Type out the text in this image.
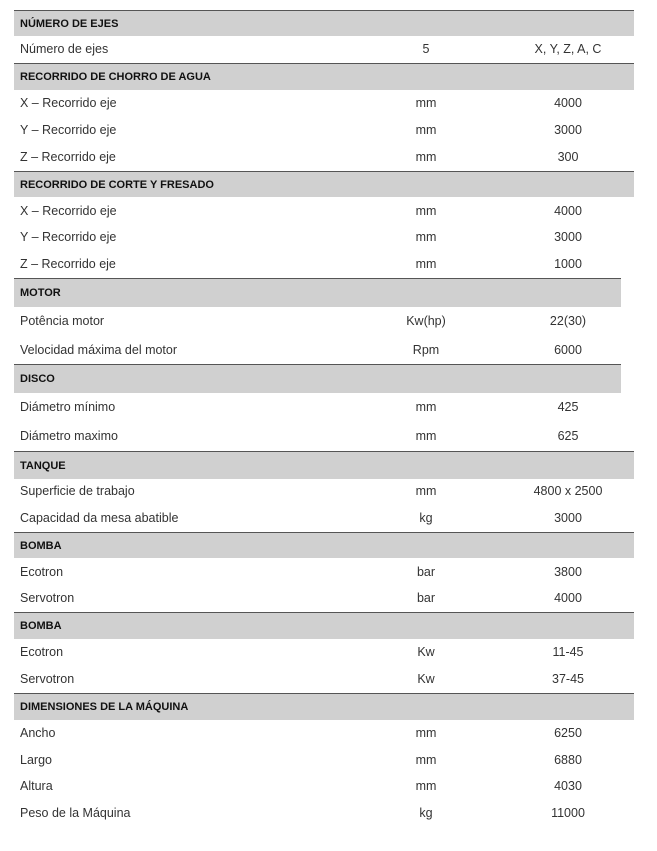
NÚMERO DE EJES
Número de ejes	5	X, Y, Z, A, C
RECORRIDO DE CHORRO DE AGUA
X – Recorrido eje	mm	4000
Y – Recorrido eje	mm	3000
Z – Recorrido eje	mm	300
RECORRIDO DE CORTE Y FRESADO
X – Recorrido eje	mm	4000
Y – Recorrido eje	mm	3000
Z – Recorrido eje	mm	1000
MOTOR
Potência motor	Kw(hp)	22(30)
Velocidad máxima del motor	Rpm	6000
DISCO
Diámetro mínimo	mm	425
Diámetro maximo	mm	625
TANQUE
Superficie de trabajo	mm	4800 x 2500
Capacidad da mesa abatible	kg	3000
BOMBA
Ecotron	bar	3800
Servotron	bar	4000
BOMBA
Ecotron	Kw	11-45
Servotron	Kw	37-45
DIMENSIONES DE LA MÁQUINA
Ancho	mm	6250
Largo	mm	6880
Altura	mm	4030
Peso de la Máquina	kg	11000
